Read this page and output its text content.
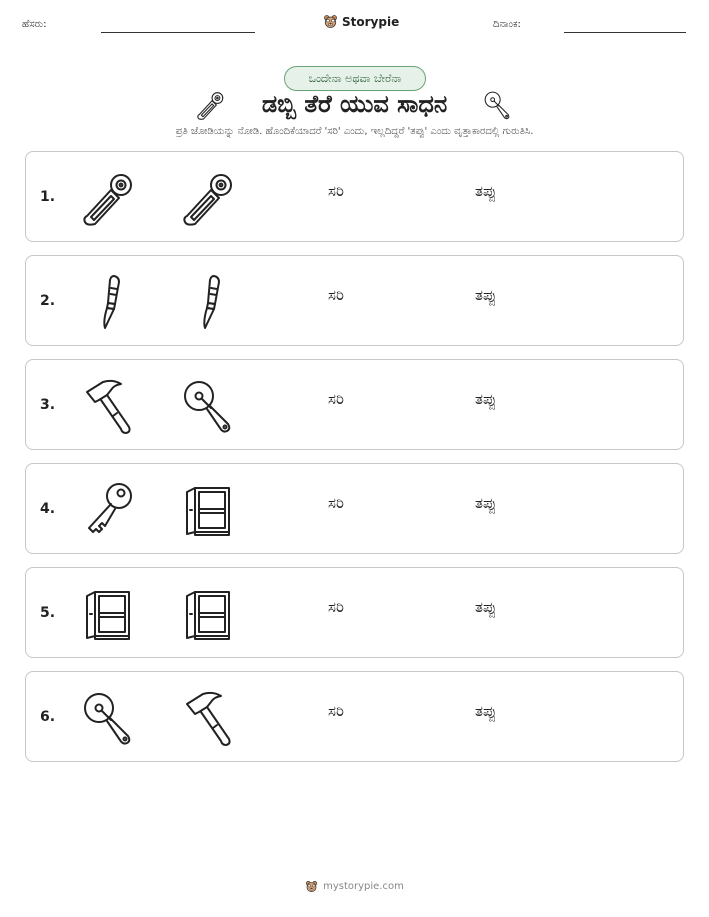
ಹೆಸರು:	Storypie	ದಿನಾಂಕ:
ಒಂದೇನಾ ಅಥವಾ ಬೇರೆನಾ
ಡಬ್ಬಿ ತೆರೆ ಯುವ ಸಾಧನ
ಪ್ರತಿ ಜೋಡಿಯನ್ನು ನೋಡಿ. ಹೊಂದಿಕೆಯಾದರೆ 'ಸರಿ' ಎಂದು, ಇಲ್ಲದಿದ್ದರೆ 'ತಪ್ಪು' ಎಂದು ವೃತ್ತಾಕಾರದಲ್ಲಿ ಗುರುತಿಸಿ.
1.	ಸರಿ	ತಪ್ಪು
2.	ಸರಿ	ತಪ್ಪು
3.	ಸರಿ	ತಪ್ಪು
4.	ಸರಿ	ತಪ್ಪು
5.	ಸರಿ	ತಪ್ಪು
6.	ಸರಿ	ತಪ್ಪು
mystorypie.com
